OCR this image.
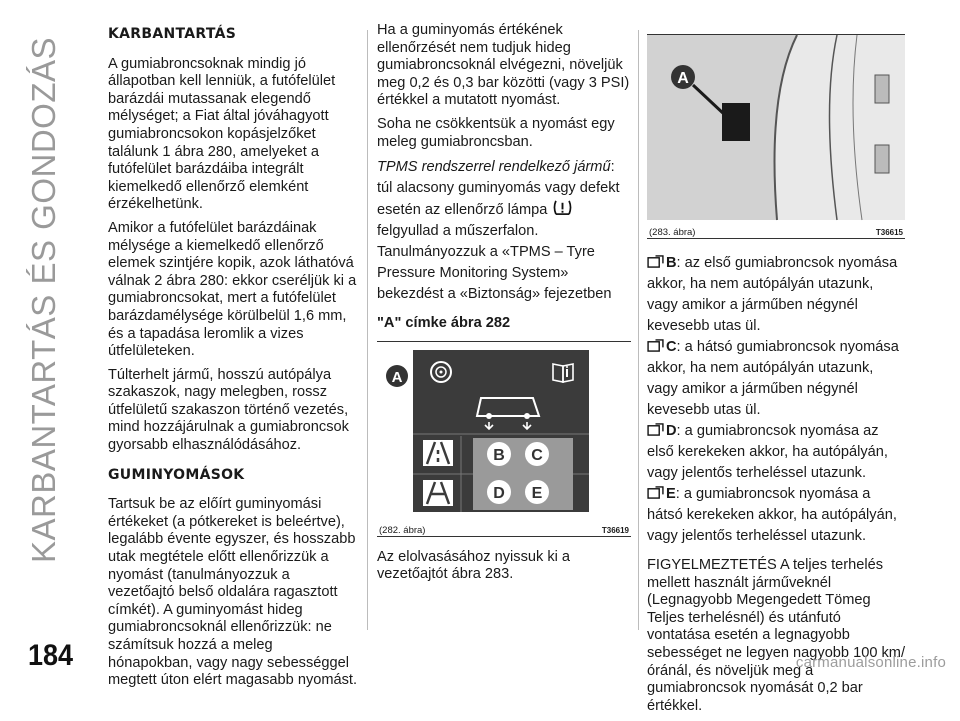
KARBANTARTÁS ÉS GONDOZÁS
184
KARBANTARTÁS

A gumiabroncsoknak mindig jó állapotban kell lenniük, a futófelület barázdái mutassanak elegendő mélységet; a Fiat által jóváhagyott gumiabroncsokon kopásjelzőket találunk 1 ábra 280, amelyeket a futófelület barázdáiba integrált kiemelkedő ellenőrző elemként érzékelhetünk.

Amikor a futófelület barázdáinak mélysége a kiemelkedő ellenőrző elemek szintjére kopik, azok láthatóvá válnak 2 ábra 280: ekkor cseréljük ki a gumiabroncsokat, mert a futófelület barázdamélysége körülbelül 1,6 mm, és a tapadása leromlik a vizes útfelületeken.

Túlterhelt jármű, hosszú autópálya szakaszok, nagy melegben, rossz útfelületű szakaszon történő vezetés, mind hozzájárulnak a gumiabroncsok gyorsabb elhasználódásához.

GUMINYOMÁSOK

Tartsuk be az előírt guminyomási értékeket (a pótkereket is beleértve), legalább évente egyszer, és hosszabb utak megtétele előtt ellenőrizzük a nyomást (tanulmányozzuk a vezetőajtó belső oldalára ragasztott címkét). A guminyomást hideg gumiabroncsoknál ellenőrizzük: ne számítsuk hozzá a meleg hónapokban, vagy nagy sebességgel megtett úton elért magasabb nyomást.

Ha a guminyomás értékének ellenőrzését nem tudjuk hideg gumiabroncsoknál elvégezni, növeljük meg 0,2 és 0,3 bar közötti (vagy 3 PSI) értékkel a mutatott nyomást.

Soha ne csökkentsük a nyomást egy meleg gumiabroncsban.

TPMS rendszerrel rendelkező jármű: túl alacsony guminyomás vagy defekt esetén az ellenőrző lámpa felgyullad a műszerfalon. Tanulmányozzuk a «TPMS – Tyre Pressure Monitoring System» bekezdést a «Biztonság» fejezetben

"A" címke ábra 282
B C
D E
A
(282. ábra)	T36619

Az elolvasásához nyissuk ki a vezetőajtót ábra 283.

A
(283. ábra)	T36615

B: az első gumiabroncsok nyomása akkor, ha nem autópályán utazunk, vagy amikor a járműben négynél kevesebb utas ül.

C: a hátsó gumiabroncsok nyomása akkor, ha nem autópályán utazunk, vagy amikor a járműben négynél kevesebb utas ül.

D: a gumiabroncsok nyomása az első kerekeken akkor, ha autópályán, vagy jelentős terheléssel utazunk.

E: a gumiabroncsok nyomása a hátsó kerekeken akkor, ha autópályán, vagy jelentős terheléssel utazunk.

FIGYELMEZTETÉS A teljes terhelés mellett használt járműveknél (Legnagyobb Megengedett Tömeg Teljes terhelésnél) és utánfutó vontatása esetén a legnagyobb sebességet ne legyen nagyobb 100 km/óránál, és növeljük meg a gumiabroncsok nyomását 0,2 bar értékkel.

carmanualsonline.info
